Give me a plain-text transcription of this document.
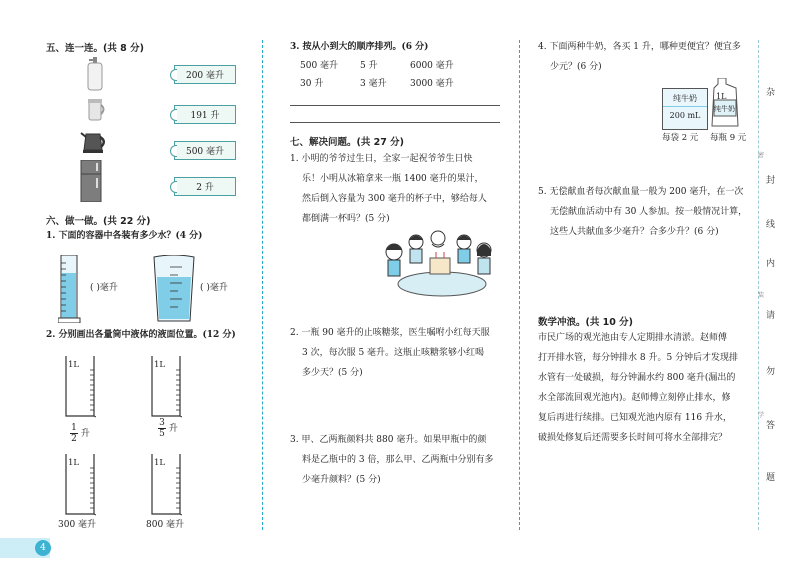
五、连一连。(共 8 分)
200 毫升
191 升
500 毫升
2 升
六、做一做。(共 22 分)
1. 下面的容器中各装有多少水？(4 分)
( )毫升	( )毫升
2. 分别画出各量筒中液体的液面位置。(12 分)
1L
$\frac{1}{2}$ 升
1L
$\frac{3}{5}$ 升
1L
300 毫升
1L
800 毫升
4
3. 按从小到大的顺序排列。(6 分)
500 毫升 5 升	6000 毫升
30 升	3 毫升	3000 毫升
七、解决问题。(共 27 分)
1. 小明的爷爷过生日，全家一起祝爷爷生日快
乐！小明从冰箱拿来一瓶 1400 毫升的果汁，
然后倒入容量为 300 毫升的杯子中，够给每人
都倒满一杯吗？(5 分)
2. 一瓶 90 毫升的止咳糖浆，医生嘱咐小红每天服
3 次，每次服 5 毫升。这瓶止咳糖浆够小红喝
多少天？(5 分)
3. 甲、乙两瓶颜料共 880 毫升。如果甲瓶中的颜
料是乙瓶中的 3 倍，那么甲、乙两瓶中分别有多
少毫升颜料？(5 分)
4. 下面两种牛奶，各买 1 升，哪种更便宜？便宜多
少元？(6 分)
纯牛奶
200 mL
1L
纯牛奶
每袋 2 元 每瓶 9 元
5. 无偿献血者每次献血量一般为 200 毫升，在一次
无偿献血活动中有 30 人参加。按一般情况计算，
这些人共献血多少毫升？合多少升？(6 分)
数学冲浪。(共 10 分)
市民广场的观光池由专人定期排水清淤。赵师傅
打开排水管，每分钟排水 8 升。5 分钟后才发现排
水管有一处破损，每分钟漏水约 800 毫升(漏出的
水全部流回观光池内)。赵师傅立刻停止排水，修
复后再进行续排。已知观光池内原有 116 升水，
破损处修复后还需要多长时间可将水全部排完？
杂
封
线
内
请
勿
答
题
密
装
学
